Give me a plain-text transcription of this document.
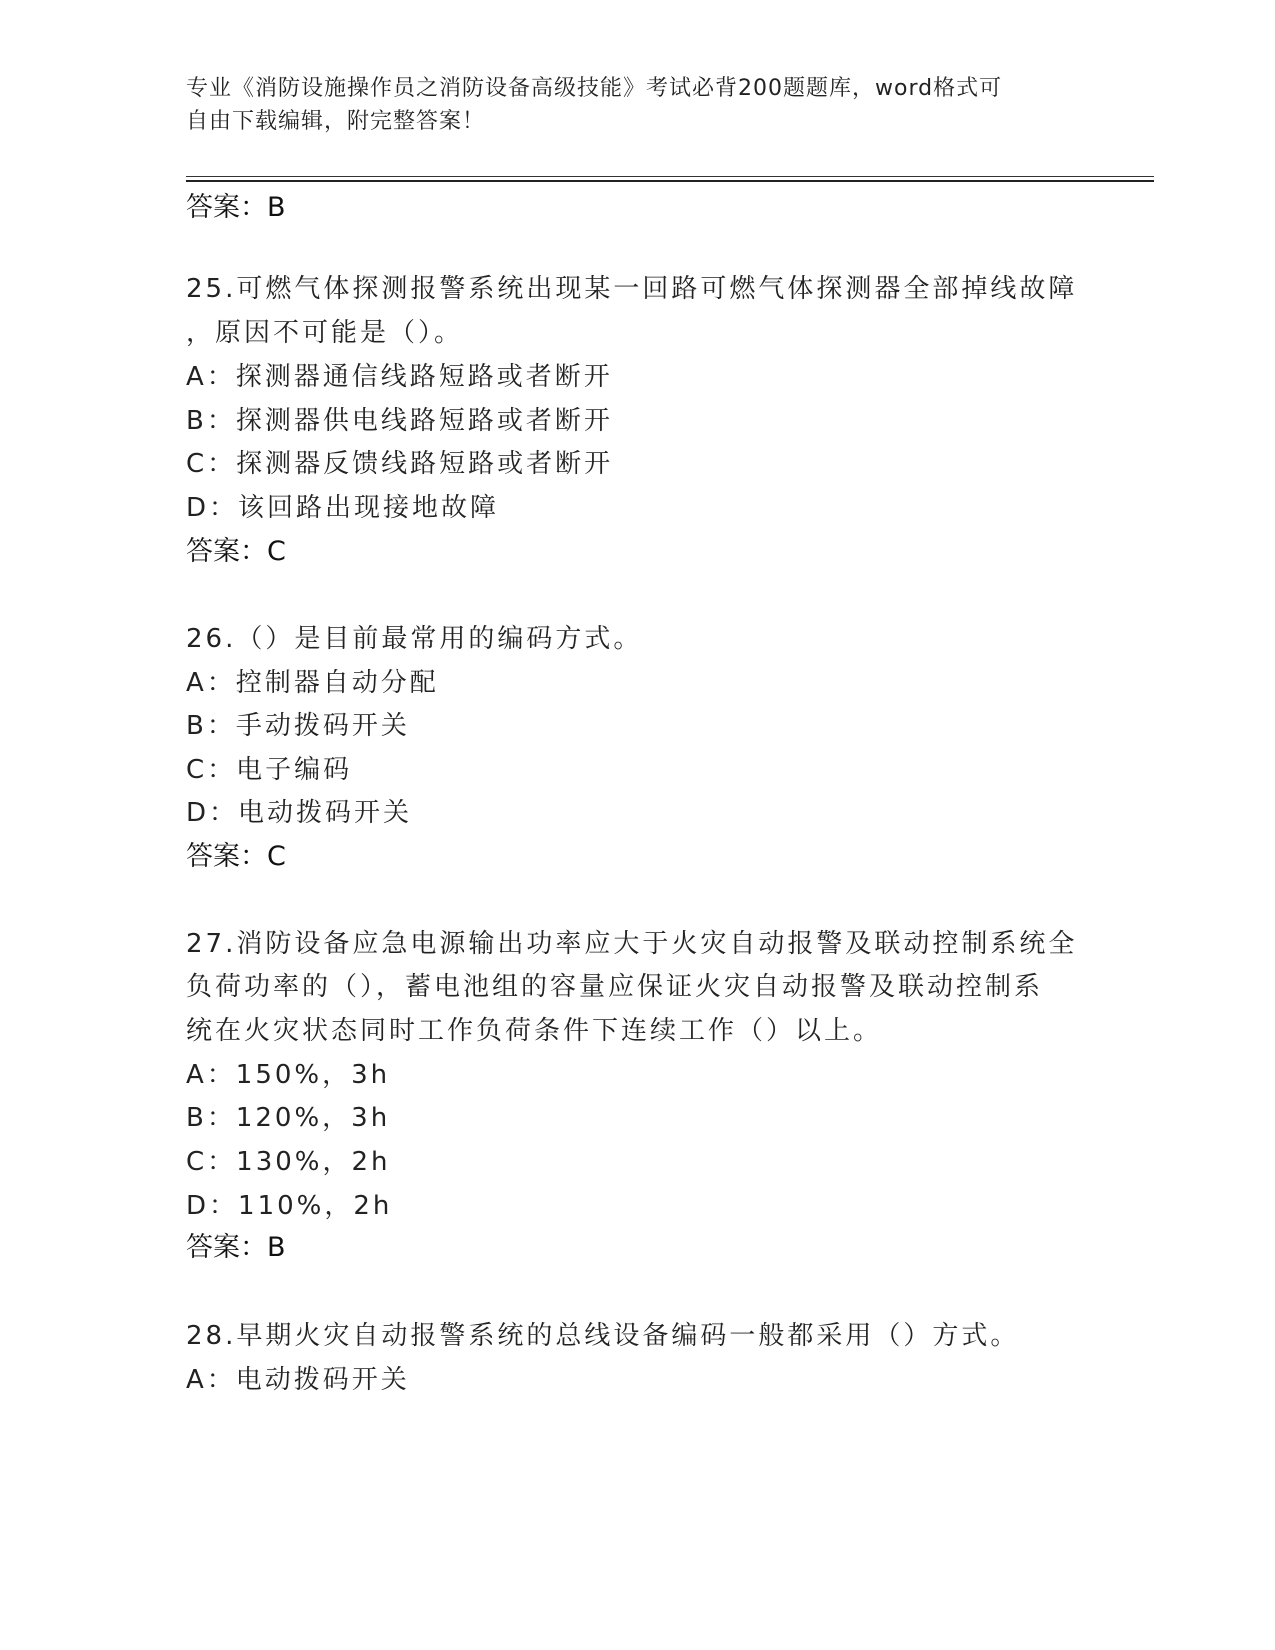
专业《消防设施操作员之消防设备高级技能》考试必背200题题库，word格式可
自由下载编辑，附完整答案！
答案：B
25.可燃气体探测报警系统出现某一回路可燃气体探测器全部掉线故障
，原因不可能是（）。
A：探测器通信线路短路或者断开
B：探测器供电线路短路或者断开
C：探测器反馈线路短路或者断开
D：该回路出现接地故障
答案：C
26.（）是目前最常用的编码方式。
A：控制器自动分配
B：手动拨码开关
C：电子编码
D：电动拨码开关
答案：C
27.消防设备应急电源输出功率应大于火灾自动报警及联动控制系统全
负荷功率的（），蓄电池组的容量应保证火灾自动报警及联动控制系
统在火灾状态同时工作负荷条件下连续工作（）以上。
A：150%，3h
B：120%，3h
C：130%，2h
D：110%，2h
答案：B
28.早期火灾自动报警系统的总线设备编码一般都采用（）方式。
A：电动拨码开关
